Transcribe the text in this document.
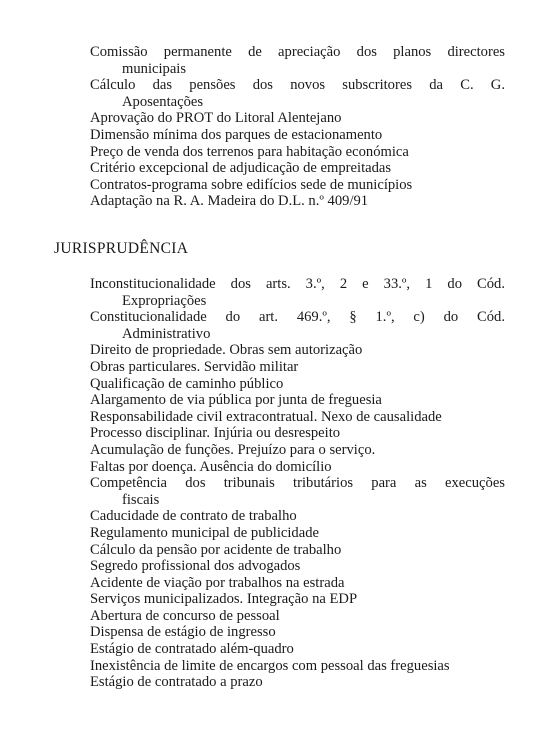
Comissão permanente de apreciação dos planos directores
municipais
Cálculo das pensões dos novos subscritores da C. G.
Aposentações
Aprovação do PROT do Litoral Alentejano
Dimensão mínima dos parques de estacionamento
Preço de venda dos terrenos para habitação económica
Critério excepcional de adjudicação de empreitadas
Contratos-programa sobre edifícios sede de municípios
Adaptação na R. A. Madeira do D.L. n.º 409/91
JURISPRUDÊNCIA
Inconstitucionalidade dos arts. 3.º, 2 e 33.º, 1 do Cód.
Expropriações
Constitucionalidade do art. 469.º, § 1.º, c) do Cód.
Administrativo
Direito de propriedade. Obras sem autorização
Obras particulares. Servidão militar
Qualificação de caminho público
Alargamento de via pública por junta de freguesia
Responsabilidade civil extracontratual. Nexo de causalidade
Processo disciplinar. Injúria ou desrespeito
Acumulação de funções. Prejuízo para o serviço.
Faltas por doença. Ausência do domicílio
Competência dos tribunais tributários para as execuções
fiscais
Caducidade de contrato de trabalho
Regulamento municipal de publicidade
Cálculo da pensão por acidente de trabalho
Segredo profissional dos advogados
Acidente de viação por trabalhos na estrada
Serviços municipalizados. Integração na EDP
Abertura de concurso de pessoal
Dispensa de estágio de ingresso
Estágio de contratado além-quadro
Inexistência de limite de encargos com pessoal das freguesias
Estágio de contratado a prazo
